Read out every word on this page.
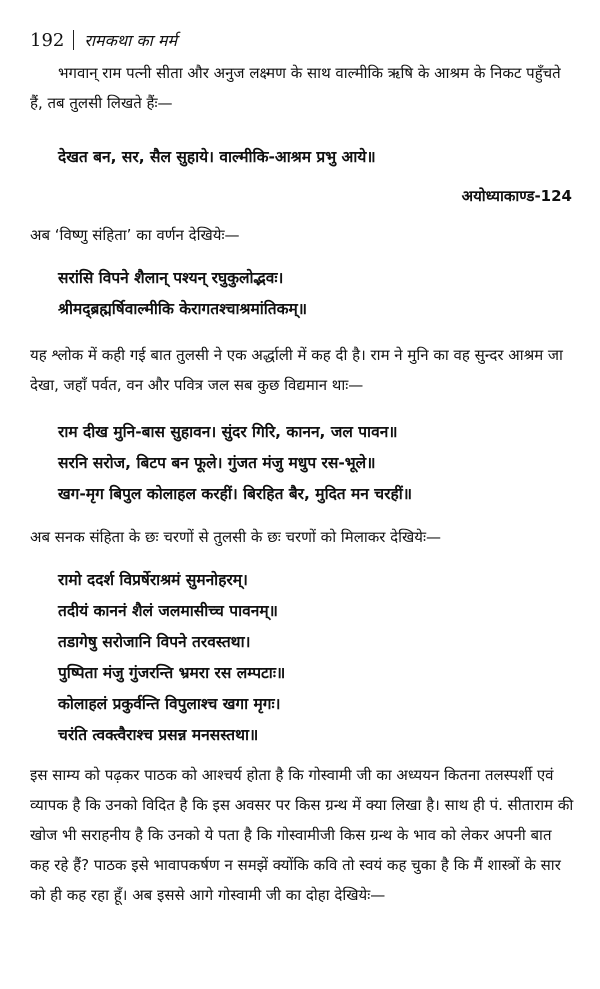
192 रामकथा का मर्म

भगवान् राम पत्नी सीता और अनुज लक्ष्मण के साथ वाल्मीकि ऋषि के आश्रम के निकट पहुँचते हैं, तब तुलसी लिखते हैंः—

देखत बन, सर, सैल सुहाये। वाल्मीकि-आश्रम प्रभु आये॥
अयोध्याकाण्ड-124

अब ‘विष्णु संहिता’ का वर्णन देखियेः—

सरांसि विपने शैलान् पश्यन् रघुकुलोद्भवः।
श्रीमद्ब्रह्मर्षिवाल्मीकि केरागतश्चाश्रमांतिकम्॥

यह श्लोक में कही गई बात तुलसी ने एक अर्द्धाली में कह दी है। राम ने मुनि का वह सुन्दर आश्रम जा देखा, जहाँ पर्वत, वन और पवित्र जल सब कुछ विद्यमान थाः—

राम दीख मुनि-बास सुहावन। सुंदर गिरि, कानन, जल पावन॥
सरनि सरोज, बिटप बन फूले। गुंजत मंजु मधुप रस-भूले॥
खग-मृग बिपुल कोलाहल करहीं। बिरहित बैर, मुदित मन चरहीं॥

अब सनक संहिता के छः चरणों से तुलसी के छः चरणों को मिलाकर देखियेः—

रामो ददर्श विप्रर्षेराश्रमं सुमनोहरम्।
तदीयं काननं शैलं जलमासीच्च पावनम्॥
तडागेषु सरोजानि विपने तरवस्तथा।
पुष्पिता मंजु गुंजरन्ति भ्रमरा रस लम्पटाः॥
कोलाहलं प्रकुर्वन्ति विपुलाश्च खगा मृगः।
चरंति त्वक्त्वैराश्च प्रसन्न मनसस्तथा॥

इस साम्य को पढ़कर पाठक को आश्चर्य होता है कि गोस्वामी जी का अध्ययन कितना तलस्पर्शी एवं व्यापक है कि उनको विदित है कि इस अवसर पर किस ग्रन्थ में क्या लिखा है। साथ ही पं. सीताराम की खोज भी सराहनीय है कि उनको ये पता है कि गोस्वामीजी किस ग्रन्थ के भाव को लेकर अपनी बात कह रहे हैं? पाठक इसे भावापकर्षण न समझें क्योंकि कवि तो स्वयं कह चुका है कि मैं शास्त्रों के सार को ही कह रहा हूँ। अब इससे आगे गोस्वामी जी का दोहा देखियेः—
